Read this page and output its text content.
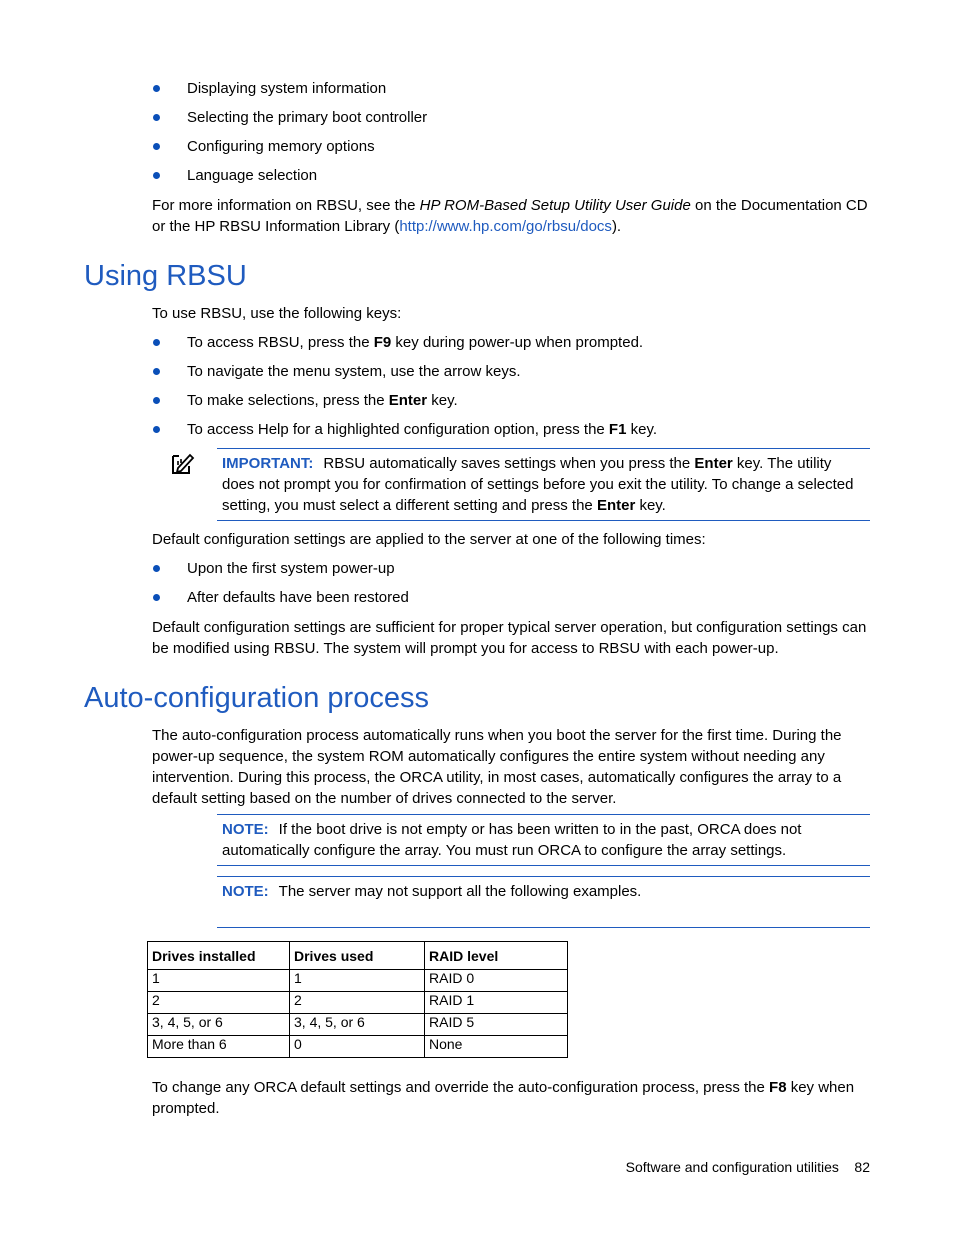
Displaying system information
Selecting the primary boot controller
Configuring memory options
Language selection

For more information on RBSU, see the HP ROM-Based Setup Utility User Guide on the Documentation CD or the HP RBSU Information Library (http://www.hp.com/go/rbsu/docs).

Using RBSU

To use RBSU, use the following keys:

To access RBSU, press the F9 key during power-up when prompted.
To navigate the menu system, use the arrow keys.
To make selections, press the Enter key.
To access Help for a highlighted configuration option, press the F1 key.

IMPORTANT: RBSU automatically saves settings when you press the Enter key. The utility does not prompt you for confirmation of settings before you exit the utility. To change a selected setting, you must select a different setting and press the Enter key.

Default configuration settings are applied to the server at one of the following times:

Upon the first system power-up
After defaults have been restored

Default configuration settings are sufficient for proper typical server operation, but configuration settings can be modified using RBSU. The system will prompt you for access to RBSU with each power-up.

Auto-configuration process

The auto-configuration process automatically runs when you boot the server for the first time. During the power-up sequence, the system ROM automatically configures the entire system without needing any intervention. During this process, the ORCA utility, in most cases, automatically configures the array to a default setting based on the number of drives connected to the server.

NOTE: If the boot drive is not empty or has been written to in the past, ORCA does not automatically configure the array. You must run ORCA to configure the array settings.

NOTE: The server may not support all the following examples.

Drives installed	Drives used	RAID level
1	1	RAID 0
2	2	RAID 1
3, 4, 5, or 6	3, 4, 5, or 6	RAID 5
More than 6	0	None

To change any ORCA default settings and override the auto-configuration process, press the F8 key when prompted.

Software and configuration utilities 82
